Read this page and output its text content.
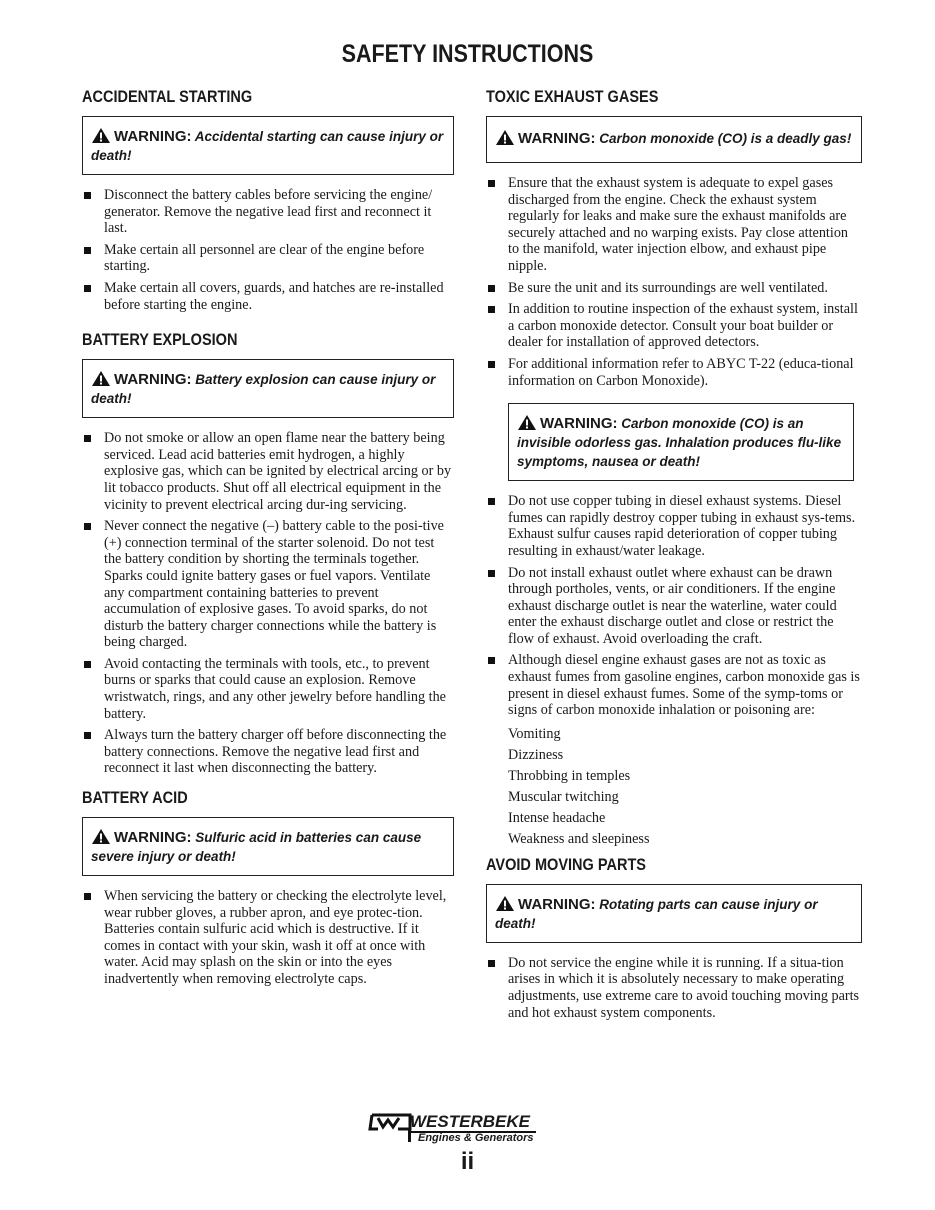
SAFETY INSTRUCTIONS
ACCIDENTAL STARTING
WARNING: Accidental starting can cause injury or death!
Disconnect the battery cables before servicing the engine/ generator. Remove the negative lead first and reconnect it last.
Make certain all personnel are clear of the engine before starting.
Make certain all covers, guards, and hatches are re-installed before starting the engine.
BATTERY EXPLOSION
WARNING: Battery explosion can cause injury or death!
Do not smoke or allow an open flame near the battery being serviced. Lead acid batteries emit hydrogen, a highly explosive gas, which can be ignited by electrical arcing or by lit tobacco products. Shut off all electrical equipment in the vicinity to prevent electrical arcing dur-ing servicing.
Never connect the negative (–) battery cable to the posi-tive (+) connection terminal of the starter solenoid. Do not test the battery condition by shorting the terminals together. Sparks could ignite battery gases or fuel vapors. Ventilate any compartment containing batteries to prevent accumulation of explosive gases. To avoid sparks, do not disturb the battery charger connections while the battery is being charged.
Avoid contacting the terminals with tools, etc., to prevent burns or sparks that could cause an explosion. Remove wristwatch, rings, and any other jewelry before handling the battery.
Always turn the battery charger off before disconnecting the battery connections. Remove the negative lead first and reconnect it last when disconnecting the battery.
BATTERY ACID
WARNING: Sulfuric acid in batteries can cause severe injury or death!
When servicing the battery or checking the electrolyte level, wear rubber gloves, a rubber apron, and eye protec-tion. Batteries contain sulfuric acid which is destructive. If it comes in contact with your skin, wash it off at once with water. Acid may splash on the skin or into the eyes inadvertently when removing electrolyte caps.
TOXIC EXHAUST GASES
WARNING: Carbon monoxide (CO) is a deadly gas!
Ensure that the exhaust system is adequate to expel gases discharged from the engine. Check the exhaust system regularly for leaks and make sure the exhaust manifolds are securely attached and no warping exists. Pay close attention to the manifold, water injection elbow, and exhaust pipe nipple.
Be sure the unit and its surroundings are well ventilated.
In addition to routine inspection of the exhaust system, install a carbon monoxide detector. Consult your boat builder or dealer for installation of approved detectors.
For additional information refer to ABYC T-22 (educa-tional information on Carbon Monoxide).
WARNING: Carbon monoxide (CO) is an invisible odorless gas. Inhalation produces flu-like symptoms, nausea or death!
Do not use copper tubing in diesel exhaust systems. Diesel fumes can rapidly destroy copper tubing in exhaust sys-tems. Exhaust sulfur causes rapid deterioration of copper tubing resulting in exhaust/water leakage.
Do not install exhaust outlet where exhaust can be drawn through portholes, vents, or air conditioners. If the engine exhaust discharge outlet is near the waterline, water could enter the exhaust discharge outlet and close or restrict the flow of exhaust. Avoid overloading the craft.
Although diesel engine exhaust gases are not as toxic as exhaust fumes from gasoline engines, carbon monoxide gas is present in diesel exhaust fumes. Some of the symp-toms or signs of carbon monoxide inhalation or poisoning are:
Vomiting
Dizziness
Throbbing in temples
Muscular twitching
Intense headache
Weakness and sleepiness
AVOID MOVING PARTS
WARNING: Rotating parts can cause injury or death!
Do not service the engine while it is running. If a situa-tion arises in which it is absolutely necessary to make operating adjustments, use extreme care to avoid touching moving parts and hot exhaust system components.
WESTERBEKE
Engines & Generators
ii
